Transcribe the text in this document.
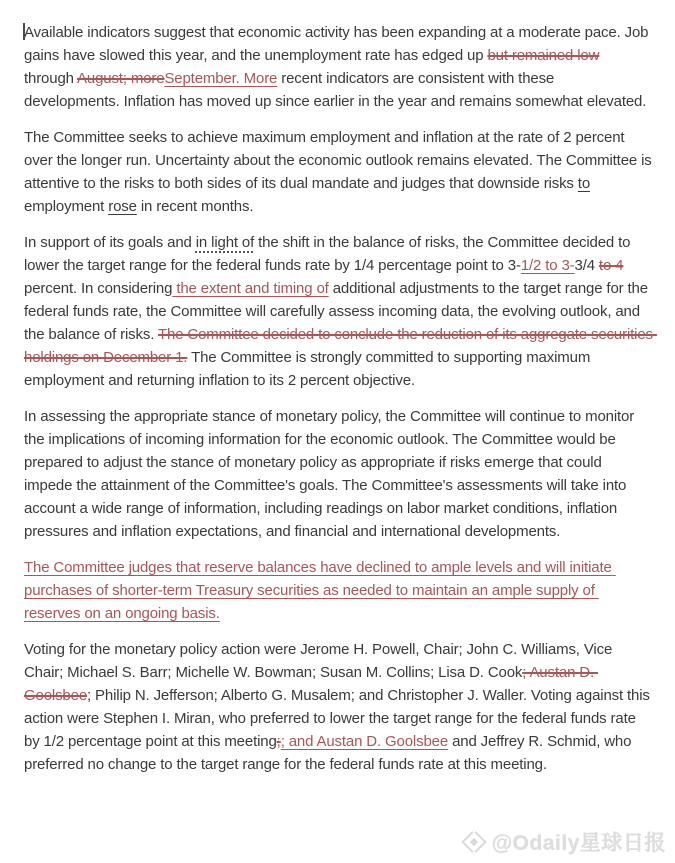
Available indicators suggest that economic activity has been expanding at a moderate pace. Job gains have slowed this year, and the unemployment rate has edged up but remained low through August; moreSeptember. More recent indicators are consistent with these developments. Inflation has moved up since earlier in the year and remains somewhat elevated.

The Committee seeks to achieve maximum employment and inflation at the rate of 2 percent over the longer run. Uncertainty about the economic outlook remains elevated. The Committee is attentive to the risks to both sides of its dual mandate and judges that downside risks to employment rose in recent months.

In support of its goals and in light of the shift in the balance of risks, the Committee decided to lower the target range for the federal funds rate by 1/4 percentage point to 3-1/2 to 3-3/4 to 4 percent. In considering the extent and timing of additional adjustments to the target range for the federal funds rate, the Committee will carefully assess incoming data, the evolving outlook, and the balance of risks. The Committee decided to conclude the reduction of its aggregate securities holdings on December 1. The Committee is strongly committed to supporting maximum employment and returning inflation to its 2 percent objective.

In assessing the appropriate stance of monetary policy, the Committee will continue to monitor the implications of incoming information for the economic outlook. The Committee would be prepared to adjust the stance of monetary policy as appropriate if risks emerge that could impede the attainment of the Committee's goals. The Committee's assessments will take into account a wide range of information, including readings on labor market conditions, inflation pressures and inflation expectations, and financial and international developments.

The Committee judges that reserve balances have declined to ample levels and will initiate purchases of shorter-term Treasury securities as needed to maintain an ample supply of reserves on an ongoing basis.

Voting for the monetary policy action were Jerome H. Powell, Chair; John C. Williams, Vice Chair; Michael S. Barr; Michelle W. Bowman; Susan M. Collins; Lisa D. Cook; Austan D. Goolsbee; Philip N. Jefferson; Alberto G. Musalem; and Christopher J. Waller. Voting against this action were Stephen I. Miran, who preferred to lower the target range for the federal funds rate by 1/2 percentage point at this meeting;; and Austan D. Goolsbee and Jeffrey R. Schmid, who preferred no change to the target range for the federal funds rate at this meeting.

@Odaily星球日报
